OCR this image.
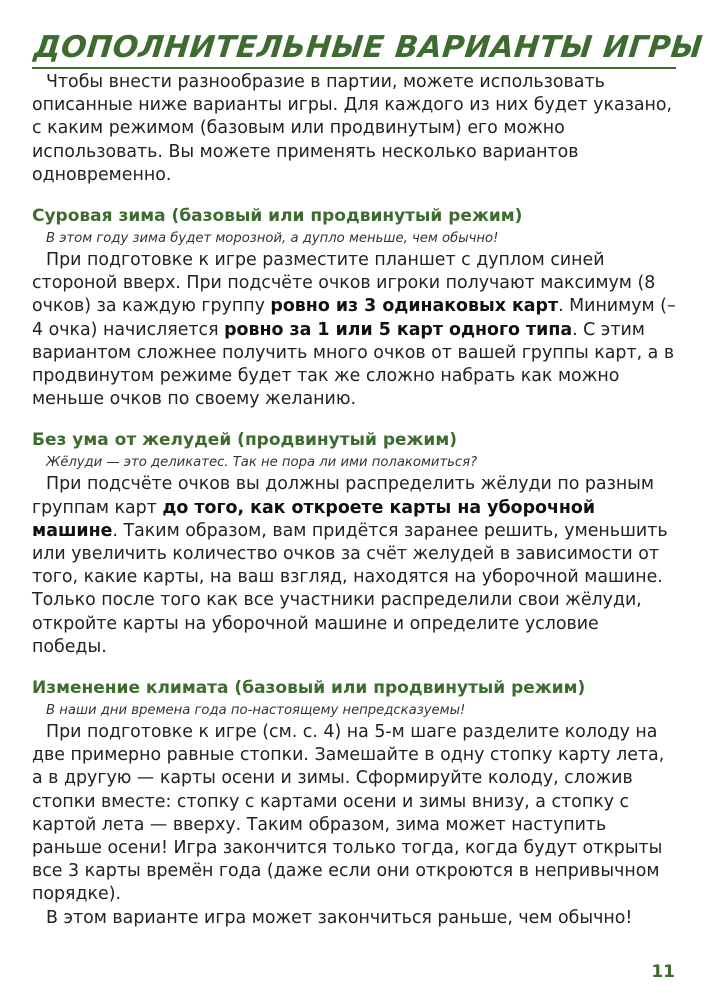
ДОПОЛНИТЕЛЬНЫЕ ВАРИАНТЫ ИГРЫ

Чтобы внести разнообразие в партии, можете использовать описанные ниже варианты игры. Для каждого из них будет указано, с каким режимом (базовым или продвинутым) его можно использовать. Вы можете применять несколько вариантов одновременно.

Суровая зима (базовый или продвинутый режим)

В этом году зима будет морозной, а дупло меньше, чем обычно!

При подготовке к игре разместите планшет с дуплом синей стороной вверх. При подсчёте очков игроки получают максимум (8 очков) за каждую группу ровно из 3 одинаковых карт. Минимум (–4 очка) начисляется ровно за 1 или 5 карт одного типа. С этим вариантом сложнее получить много очков от вашей группы карт, а в продвинутом режиме будет так же сложно набрать как можно меньше очков по своему желанию.

Без ума от желудей (продвинутый режим)

Жёлуди — это деликатес. Так не пора ли ими полакомиться?

При подсчёте очков вы должны распределить жёлуди по разным группам карт до того, как откроете карты на уборочной машине. Таким образом, вам придётся заранее решить, уменьшить или увеличить количество очков за счёт желудей в зависимости от того, какие карты, на ваш взгляд, находятся на уборочной машине. Только после того как все участники распределили свои жёлуди, откройте карты на уборочной машине и определите условие победы.

Изменение климата (базовый или продвинутый режим)

В наши дни времена года по-настоящему непредсказуемы!

При подготовке к игре (см. с. 4) на 5-м шаге разделите колоду на две примерно равные стопки. Замешайте в одну стопку карту лета, а в другую — карты осени и зимы. Сформируйте колоду, сложив стопки вместе: стопку с картами осени и зимы внизу, а стопку с картой лета — вверху. Таким образом, зима может наступить раньше осени! Игра закончится только тогда, когда будут открыты все 3 карты времён года (даже если они откроются в непривычном порядке).

В этом варианте игра может закончиться раньше, чем обычно!

11
